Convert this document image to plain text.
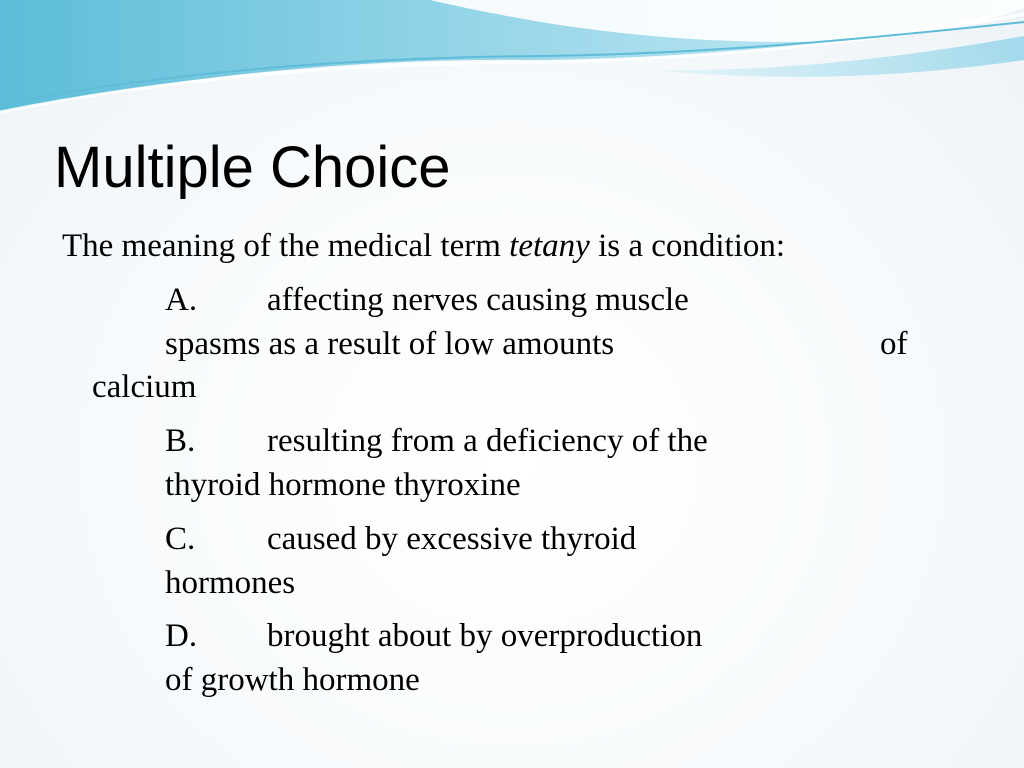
Multiple Choice
The meaning of the medical term tetany is a condition:
A. affecting nerves causing muscle
spasms as a result of low amounts	of
calcium
B. resulting from a deficiency of the
thyroid hormone thyroxine
C. caused by excessive thyroid
hormones
D. brought about by overproduction
of growth hormone
